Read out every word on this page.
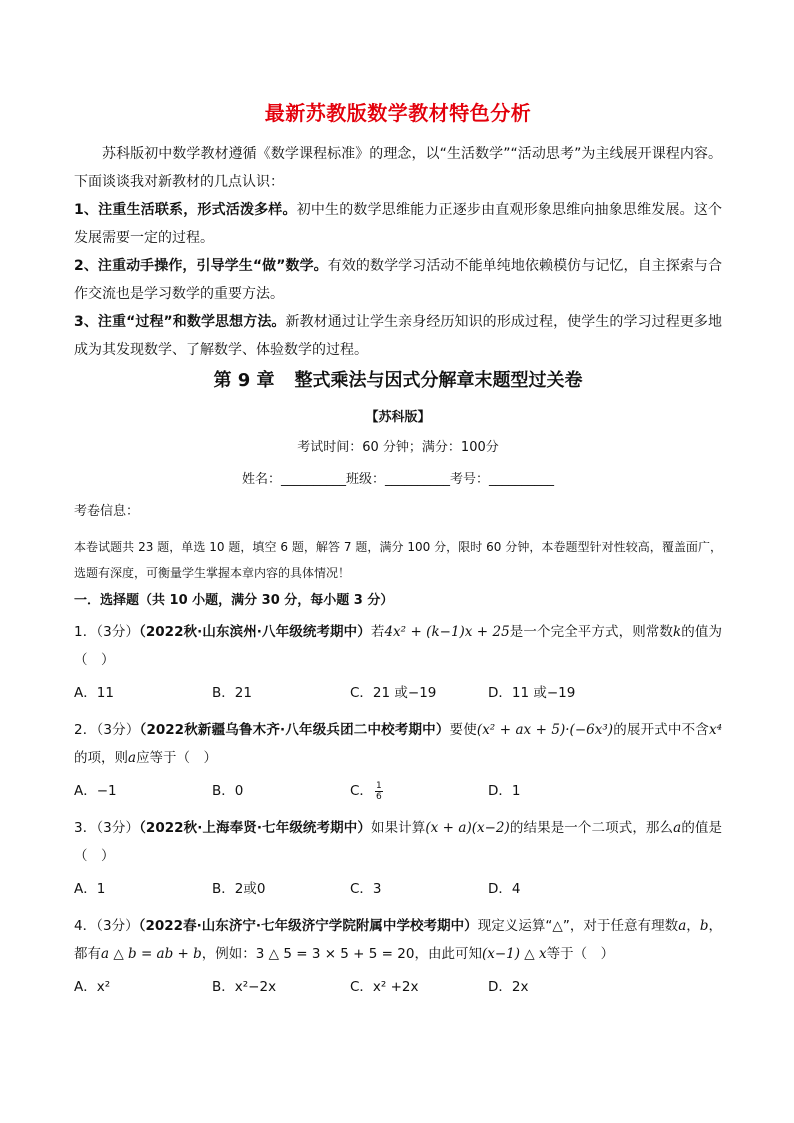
最新苏教版数学教材特色分析

苏科版初中数学教材遵循《数学课程标准》的理念，以“生活数学”“活动思考”为主线展开课程内容。下面谈谈我对新教材的几点认识：

1、注重生活联系，形式活泼多样。初中生的数学思维能力正逐步由直观形象思维向抽象思维发展。这个发展需要一定的过程。

2、注重动手操作，引导学生“做”数学。有效的数学学习活动不能单纯地依赖模仿与记忆，自主探索与合作交流也是学习数学的重要方法。

3、注重“过程”和数学思想方法。新教材通过让学生亲身经历知识的形成过程，使学生的学习过程更多地成为其发现数学、了解数学、体验数学的过程。

第 9 章 整式乘法与因式分解章末题型过关卷
【苏科版】
考试时间：60 分钟；满分：100分
姓名：__________班级：__________考号：__________
考卷信息：
本卷试题共 23 题，单选 10 题，填空 6 题，解答 7 题，满分 100 分，限时 60 分钟，本卷题型针对性较高，覆盖面广，选题有深度，可衡量学生掌握本章内容的具体情况！
一．选择题（共 10 小题，满分 30 分，每小题 3 分）

1．（3分）（2022秋·山东滨州·八年级统考期中）若4x² + (k−1)x + 25是一个完全平方式，则常数k的值为（　）

A．11	B．21	C．21 或−19	D．11 或−19

2．（3分）（2022秋新疆乌鲁木齐·八年级兵团二中校考期中）要使(x² + ax + 5)·(−6x³)的展开式中不含x⁴的项，则a应等于（　）

A．−1	B．0	C． $\frac{1}{6}$	D．1

3．（3分）（2022秋·上海奉贤·七年级统考期中）如果计算(x + a)(x−2)的结果是一个二项式，那么a的值是（　）

A．1	B．2或0	C．3	D．4

4．（3分）（2022春·山东济宁·七年级济宁学院附属中学校考期中）现定义运算“△”，对于任意有理数a，b，都有a △ b = ab + b，例如：3 △ 5 = 3 × 5 + 5 = 20，由此可知(x−1) △ x等于（　）

A．x²	B．x²−2x	C．x² +2x	D．2x
